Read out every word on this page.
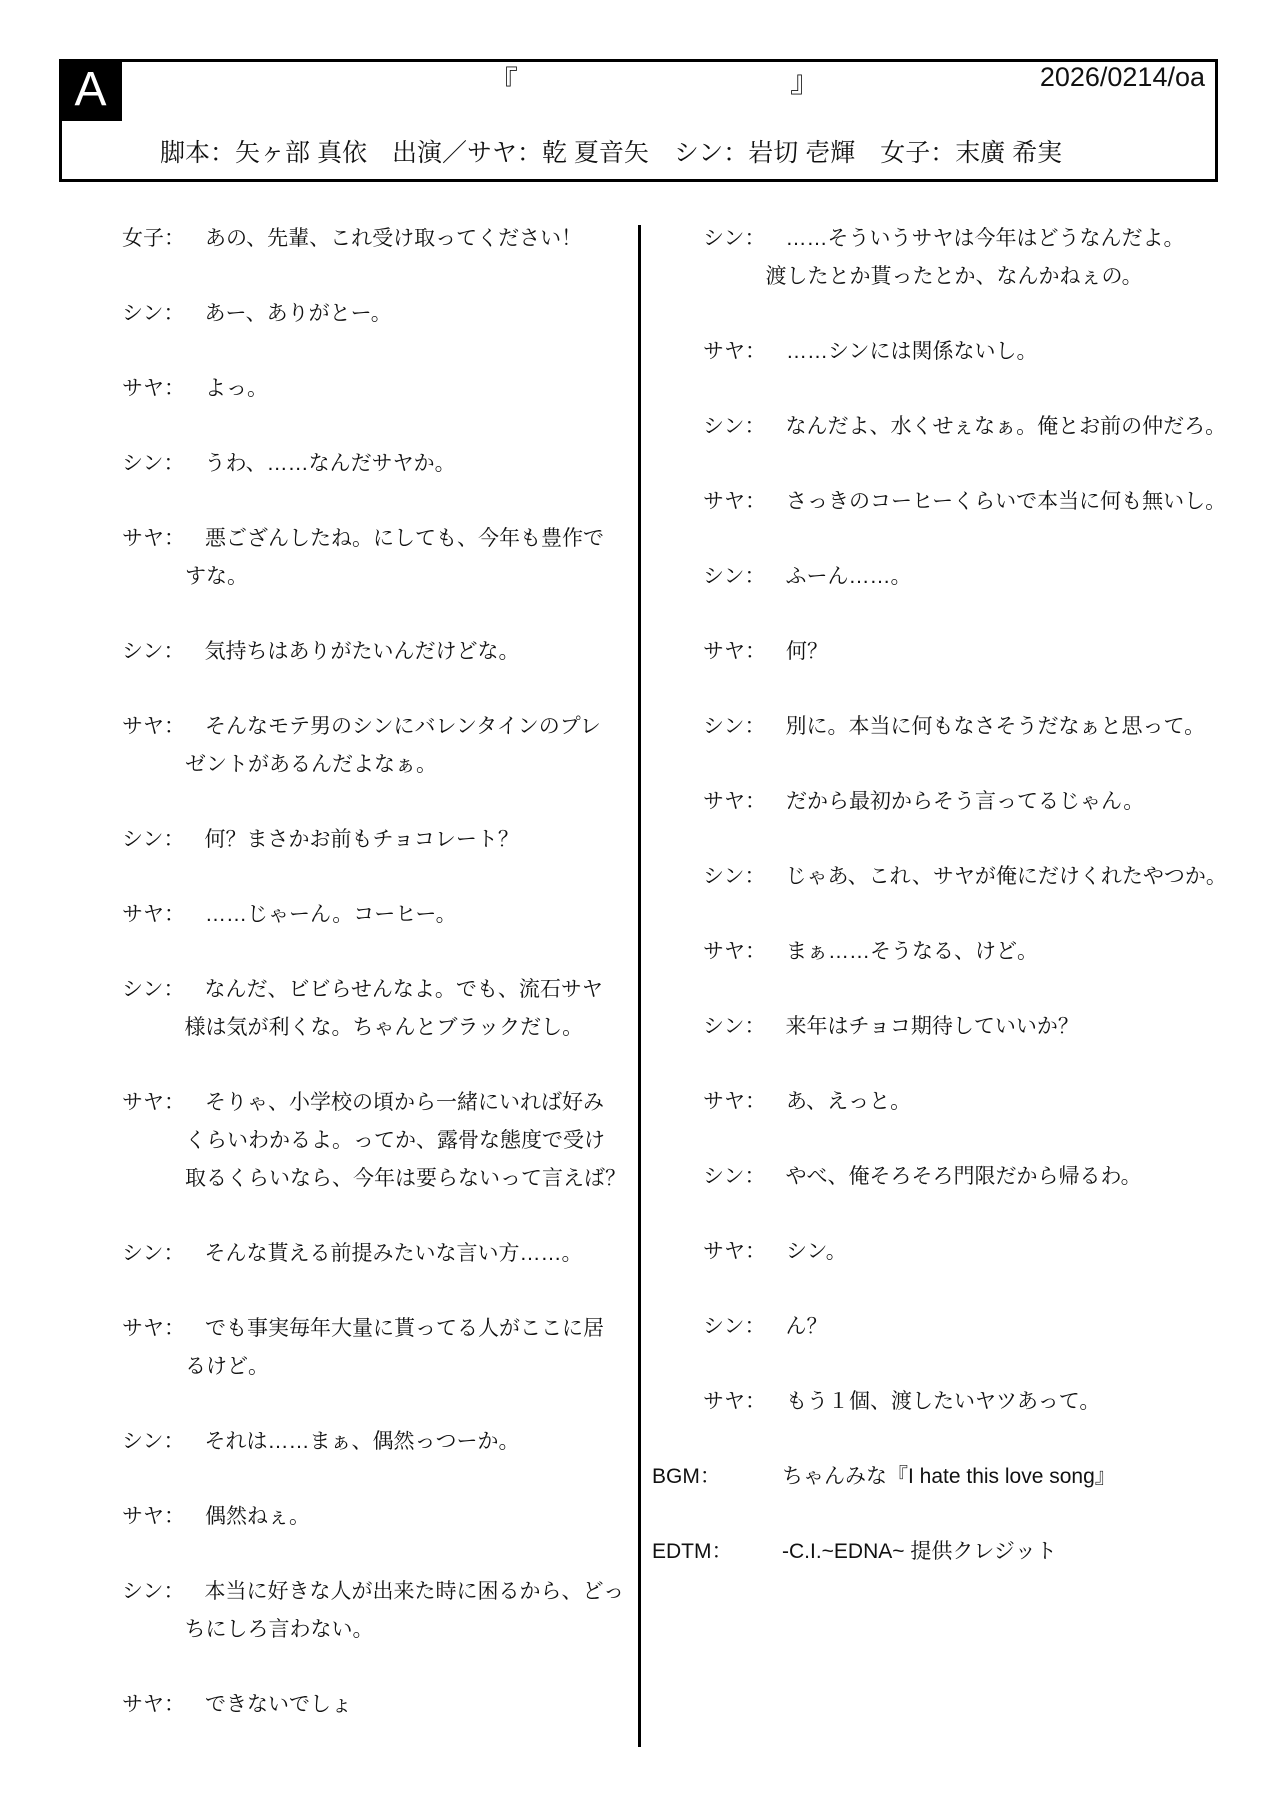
A	『	』	2026/0214/oa
脚本：矢ヶ部 真依　出演／サヤ：乾 夏音矢　シン：岩切 壱輝　女子：末廣 希実
女子： あの、先輩、これ受け取ってください！
シン： あー、ありがとー。
サヤ： よっ。
シン： うわ、……なんだサヤか。
サヤ： 悪ござんしたね。にしても、今年も豊作で
すな。
シン： 気持ちはありがたいんだけどな。
サヤ： そんなモテ男のシンにバレンタインのプレ
ゼントがあるんだよなぁ。
シン： 何？まさかお前もチョコレート？
サヤ： ……じゃーん。コーヒー。
シン： なんだ、ビビらせんなよ。でも、流石サヤ
様は気が利くな。ちゃんとブラックだし。
サヤ： そりゃ、小学校の頃から一緒にいれば好み
くらいわかるよ。ってか、露骨な態度で受け
取るくらいなら、今年は要らないって言えば？
シン： そんな貰える前提みたいな言い方……。
サヤ： でも事実毎年大量に貰ってる人がここに居
るけど。
シン： それは……まぁ、偶然っつーか。
サヤ： 偶然ねぇ。
シン： 本当に好きな人が出来た時に困るから、どっ
ちにしろ言わない。
サヤ： できないでしょ
シン： ……そういうサヤは今年はどうなんだよ。
渡したとか貰ったとか、なんかねぇの。
サヤ： ……シンには関係ないし。
シン： なんだよ、水くせぇなぁ。俺とお前の仲だろ。
サヤ： さっきのコーヒーくらいで本当に何も無いし。
シン： ふーん……。
サヤ： 何？
シン： 別に。本当に何もなさそうだなぁと思って。
サヤ： だから最初からそう言ってるじゃん。
シン： じゃあ、これ、サヤが俺にだけくれたやつか。
サヤ： まぁ……そうなる、けど。
シン： 来年はチョコ期待していいか？
サヤ： あ、えっと。
シン： やべ、俺そろそろ門限だから帰るわ。
サヤ： シン。
シン： ん？
サヤ： もう１個、渡したいヤツあって。
BGM：	ちゃんみな『I hate this love song』
EDTM：	-C.I.~EDNA~ 提供クレジット
